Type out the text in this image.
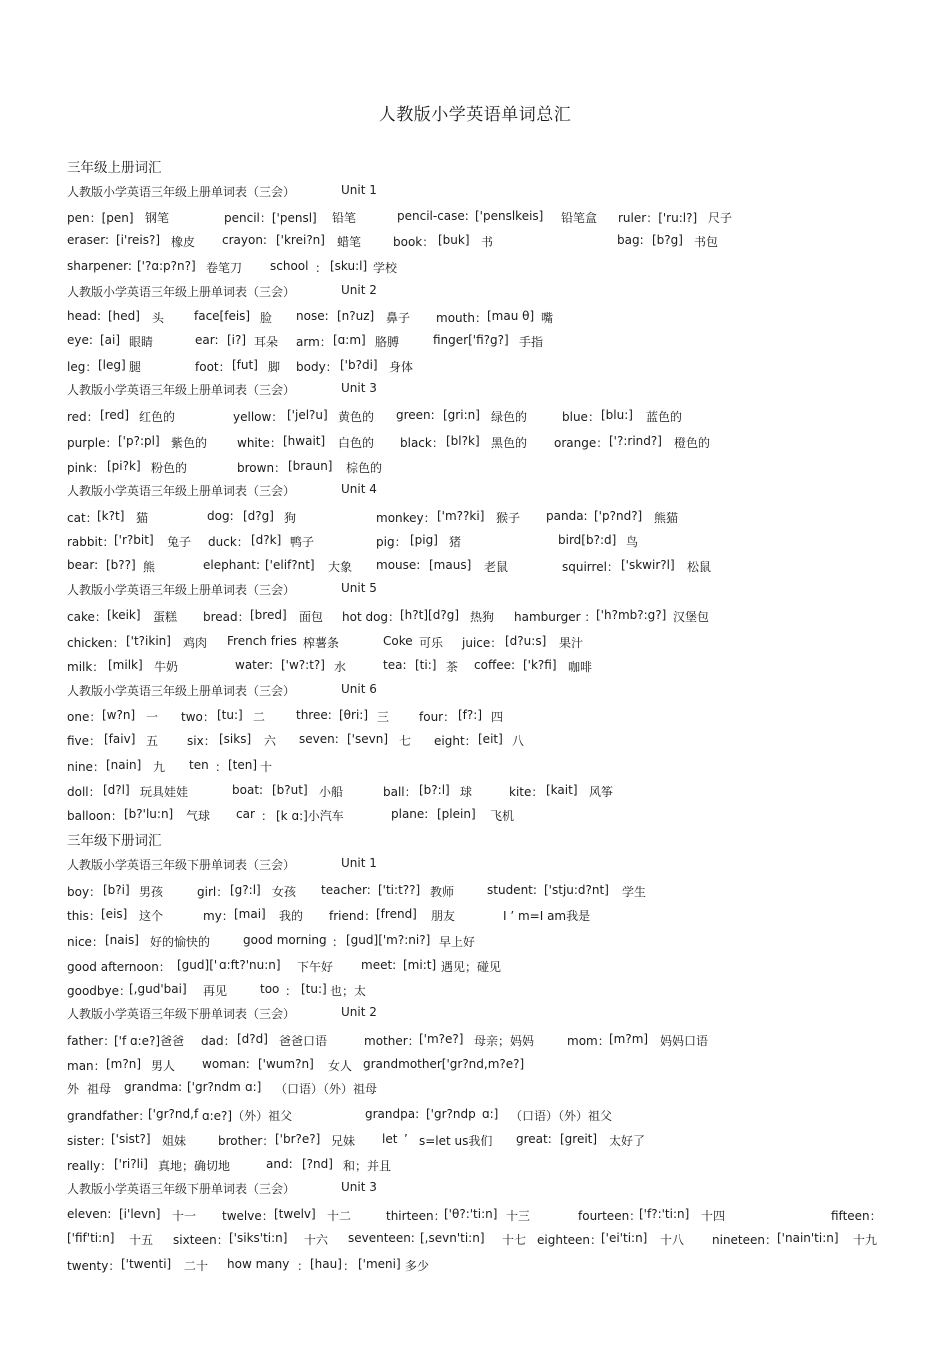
人教版小学英语单词总汇
三年级上册词汇
人教版小学英语三年级上册单词表（三会）	Unit 1
pen：[pen] 钢笔	pencil：['pensl] 铅笔	pencil-case: ['penslkeis] 铅笔盒 ruler：['ru:l?] 尺子
eraser: [i'reis?] 橡皮 crayon: ['krei?n] 蜡笔	book： [buk] 书	bag: [b?g] 书包
sharpener: ['?ɑ:p?n?] 卷笔刀 school ： [sku:l] 学校
人教版小学英语三年级上册单词表（三会）	Unit 2
head: [hed] 头 face[feis] 脸 nose: [n?uz] 鼻子 mouth： [mau θ] 嘴
eye: [ai] 眼睛	ear: [i?] 耳朵 arm： [ɑ:m] 胳膊	finger['fi?g?] 手指
leg： [leg] 腿	foot： [fut] 脚 body： ['b?di] 身体
人教版小学英语三年级上册单词表（三会）	Unit 3
red： [red] 红色的	yellow： ['jel?u] 黄色的 green: [gri:n] 绿色的	blue： [blu:] 蓝色的
purple： ['p?:pl] 紫色的 white： [hwait] 白色的 black： [bl?k] 黑色的 orange： ['?:rind?] 橙色的
pink： [pi?k] 粉色的	brown： [braun] 棕色的
人教版小学英语三年级上册单词表（三会）	Unit 4
cat： [k?t] 猫	dog: [d?g] 狗	monkey： ['m??ki] 猴子 panda: ['p?nd?] 熊猫
rabbit： ['r?bit] 兔子 duck： [d?k] 鸭子	pig： [pig] 猪	bird[b?:d] 鸟
bear: [b??] 熊	elephant: ['elif?nt] 大象 mouse: [maus] 老鼠	squirrel： ['skwir?l] 松鼠
人教版小学英语三年级上册单词表（三会）	Unit 5
cake： [keik] 蛋糕 bread： [bred] 面包 hot dog： [h?t][d?g] 热狗 hamburger ： ['h?mb?:g?] 汉堡包
chicken： ['t?ikin] 鸡肉 French fries 榨薯条	Coke 可乐 juice： [d?u:s] 果汁
milk： [milk] 牛奶	water: ['w?:t?] 水	tea: [ti:] 茶 coffee: ['k?fi] 咖啡
人教版小学英语三年级上册单词表（三会）	Unit 6
one： [w?n] 一 two： [tu:] 二	three: [θri:] 三 four： [f?:] 四
five： [faiv] 五 six： [siks] 六 seven: ['sevn] 七 eight： [eit] 八
nine： [nain] 九 ten ： [ten] 十
doll： [d?l] 玩具娃娃	boat: [b?ut] 小船	ball： [b?:l] 球	kite： [kait] 风筝
balloon： [b?'lu:n] 气球 car ： [k ɑ:]小汽车	plane: [plein] 飞机
三年级下册词汇
人教版小学英语三年级下册单词表（三会）	Unit 1
boy： [b?i] 男孩	girl： [g?:l] 女孩 teacher: ['ti:t??] 教师	student: ['stju:d?nt] 学生
this： [eis] 这个	my： [mai] 我的 friend： [frend] 朋友	I ’ m=I am我是
nice： [nais] 好的愉快的	good morning ： [gud]['m?:ni?] 早上好
good afternoon： [gud][' ɑ:ft?'nu:n] 下午好 meet: [mi:t] 遇见；碰见
goodbye：
[,gud'bai] 再见	too ： [tu:] 也；太
人教版小学英语三年级下册单词表（三会）	Unit 2
father：
['f ɑ:e?]爸爸 dad： [d?d] 爸爸口语	mother： ['m?e?] 母亲；妈妈	mom： [m?m] 妈妈口语
man： [m?n] 男人 woman: ['wum?n] 女人 grandmother['gr?nd,m?e?]
外 祖母 grandma: ['gr?ndm ɑ:] （口语）（外）祖母
grandfather：
['gr?nd,f ɑ:e?]（外）祖父	grandpa: ['gr?ndp ɑ:] （口语）（外）祖父
sister： ['sist?] 姐妹	brother： ['br?e?] 兄妹 let ’ s=let us我们 great: [greit] 太好了
really： ['ri?li] 真地；确切地	and: [?nd] 和；并且
人教版小学英语三年级下册单词表（三会）	Unit 3
eleven: [i'levn] 十一 twelve： [twelv] 十二	thirteen：
['θ?:'ti:n] 十三	fourteen：
['f?:'ti:n] 十四	fifteen：
['fif'ti:n] 十五 sixteen： ['siks'ti:n] 十六 seventeen: [,sevn'ti:n] 十七 eighteen：
['ei'ti:n] 十八 nineteen： ['nain'ti:n] 十九
twenty： ['twenti] 二十 how many ： [hau] ： ['meni] 多少
